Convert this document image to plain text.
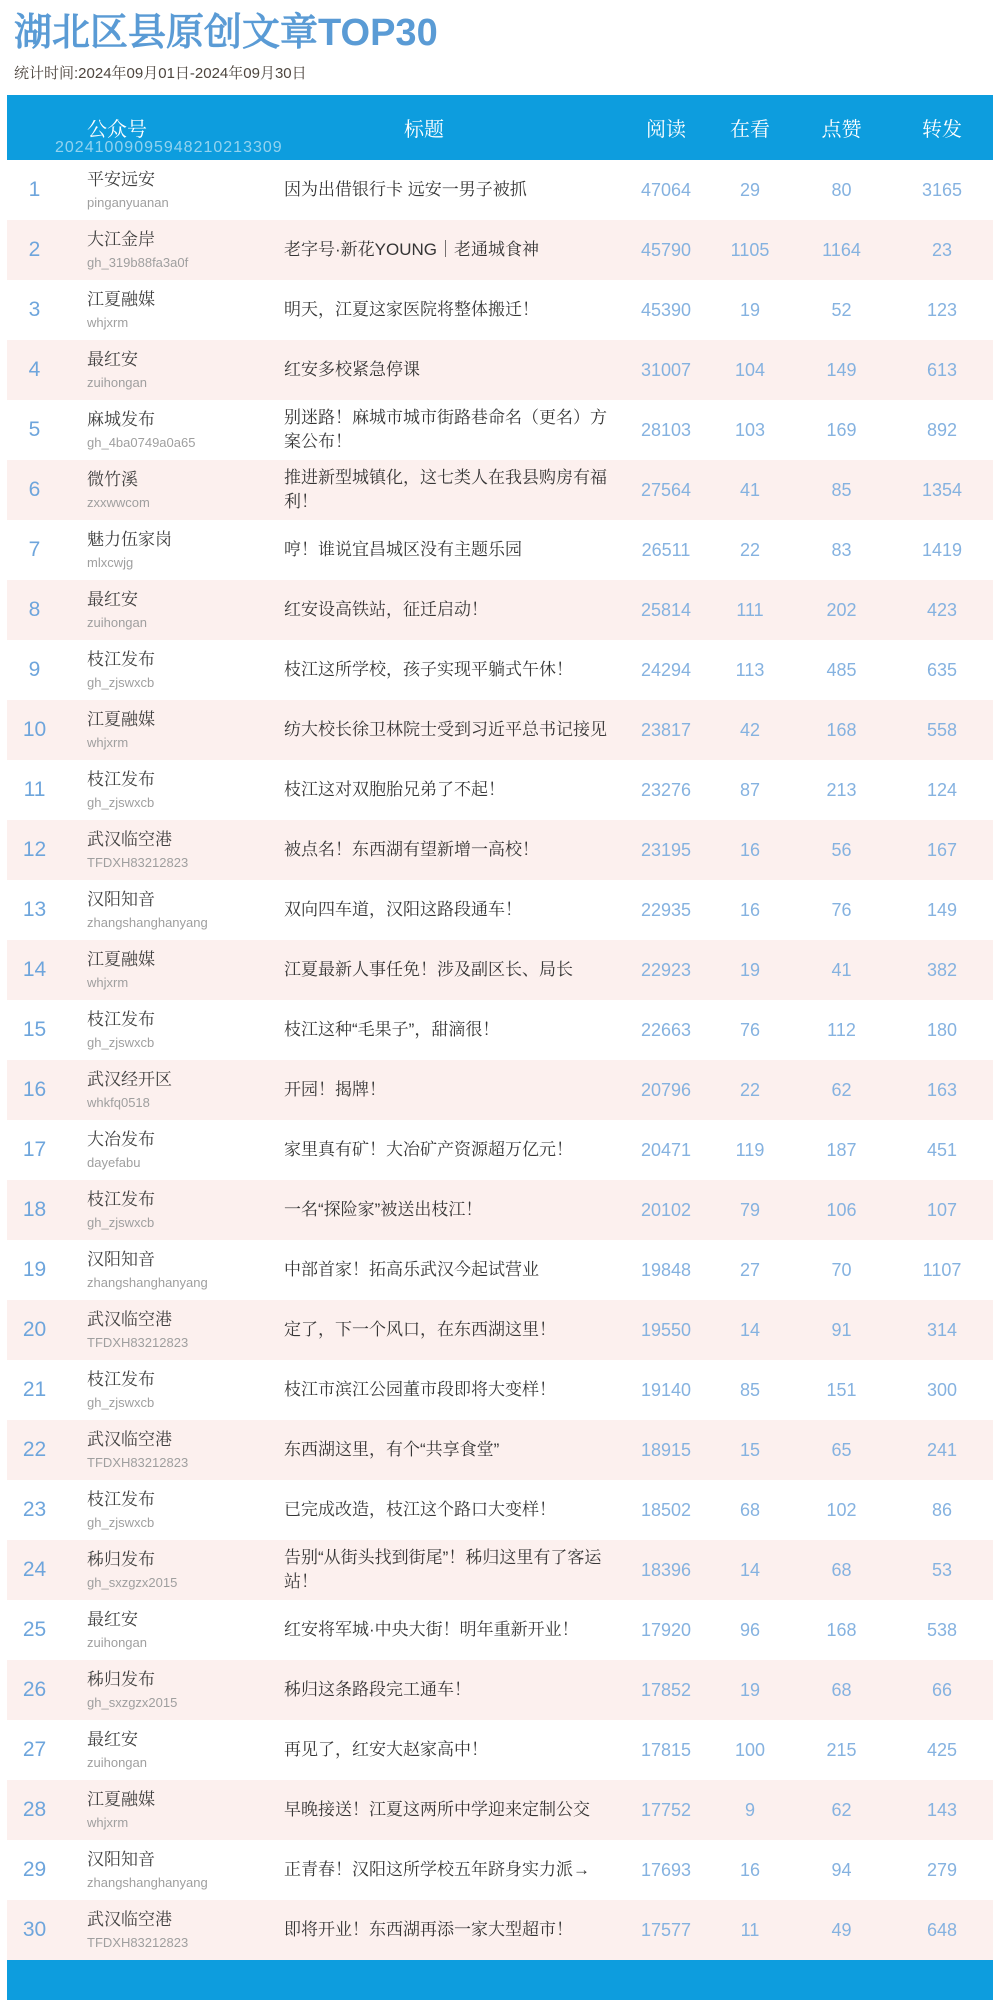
湖北区县原创文章TOP30
统计时间:2024年09月01日-2024年09月30日
公众号	标题	阅读	在看	点赞	转发
20241009095948210213309
1	平安远安
pinganyuanan
因为出借银行卡 远安一男子被抓	47064	29	80	3165
2	大江金岸
gh_319b88fa3a0f
老字号·新花YOUNG｜老通城食神	45790	1105	1164	23
3	江夏融媒
whjxrm
明天，江夏这家医院将整体搬迁！	45390	19	52	123
4	最红安
zuihongan
红安多校紧急停课	31007	104	149	613
5	麻城发布
gh_4ba0749a0a65
别迷路！麻城市城市街路巷命名（更名）方案公布！
28103	103	169	892
6	微竹溪
zxxwwcom
推进新型城镇化，这七类人在我县购房有福利！
27564	41	85	1354
7	魅力伍家岗
mlxcwjg
哼！谁说宜昌城区没有主题乐园	26511	22	83	1419
8	最红安
zuihongan
红安设高铁站，征迁启动！	25814	111	202	423
9	枝江发布
gh_zjswxcb
枝江这所学校，孩子实现平躺式午休！	24294	113	485	635
10	江夏融媒
whjxrm
纺大校长徐卫林院士受到习近平总书记接见	23817	42	168	558
11	枝江发布
gh_zjswxcb
枝江这对双胞胎兄弟了不起！	23276	87	213	124
12	武汉临空港
TFDXH83212823
被点名！东西湖有望新增一高校！	23195	16	56	167
13	汉阳知音
zhangshanghanyang
双向四车道，汉阳这路段通车！	22935	16	76	149
14	江夏融媒
whjxrm
江夏最新人事任免！涉及副区长、局长	22923	19	41	382
15	枝江发布
gh_zjswxcb
枝江这种“毛果子”，甜滴很！	22663	76	112	180
16	武汉经开区
whkfq0518
开园！揭牌！	20796	22	62	163
17	大冶发布
dayefabu
家里真有矿！大冶矿产资源超万亿元！	20471	119	187	451
18	枝江发布
gh_zjswxcb
一名“探险家”被送出枝江！	20102	79	106	107
19	汉阳知音
zhangshanghanyang
中部首家！拓高乐武汉今起试营业	19848	27	70	1107
20	武汉临空港
TFDXH83212823
定了，下一个风口，在东西湖这里！	19550	14	91	314
21	枝江发布
gh_zjswxcb
枝江市滨江公园董市段即将大变样！	19140	85	151	300
22	武汉临空港
TFDXH83212823
东西湖这里，有个“共享食堂”	18915	15	65	241
23	枝江发布
gh_zjswxcb
已完成改造，枝江这个路口大变样！	18502	68	102	86
24	秭归发布
gh_sxzgzx2015
告别“从街头找到街尾”！秭归这里有了客运站！
18396	14	68	53
25	最红安
zuihongan
红安将军城·中央大街！明年重新开业！	17920	96	168	538
26	秭归发布
gh_sxzgzx2015
秭归这条路段完工通车！	17852	19	68	66
27	最红安
zuihongan
再见了，红安大赵家高中！	17815	100	215	425
28	江夏融媒
whjxrm
早晚接送！江夏这两所中学迎来定制公交	17752	9	62	143
29	汉阳知音
zhangshanghanyang
正青春！汉阳这所学校五年跻身实力派→	17693	16	94	279
30	武汉临空港
TFDXH83212823
即将开业！东西湖再添一家大型超市！	17577	11	49	648
